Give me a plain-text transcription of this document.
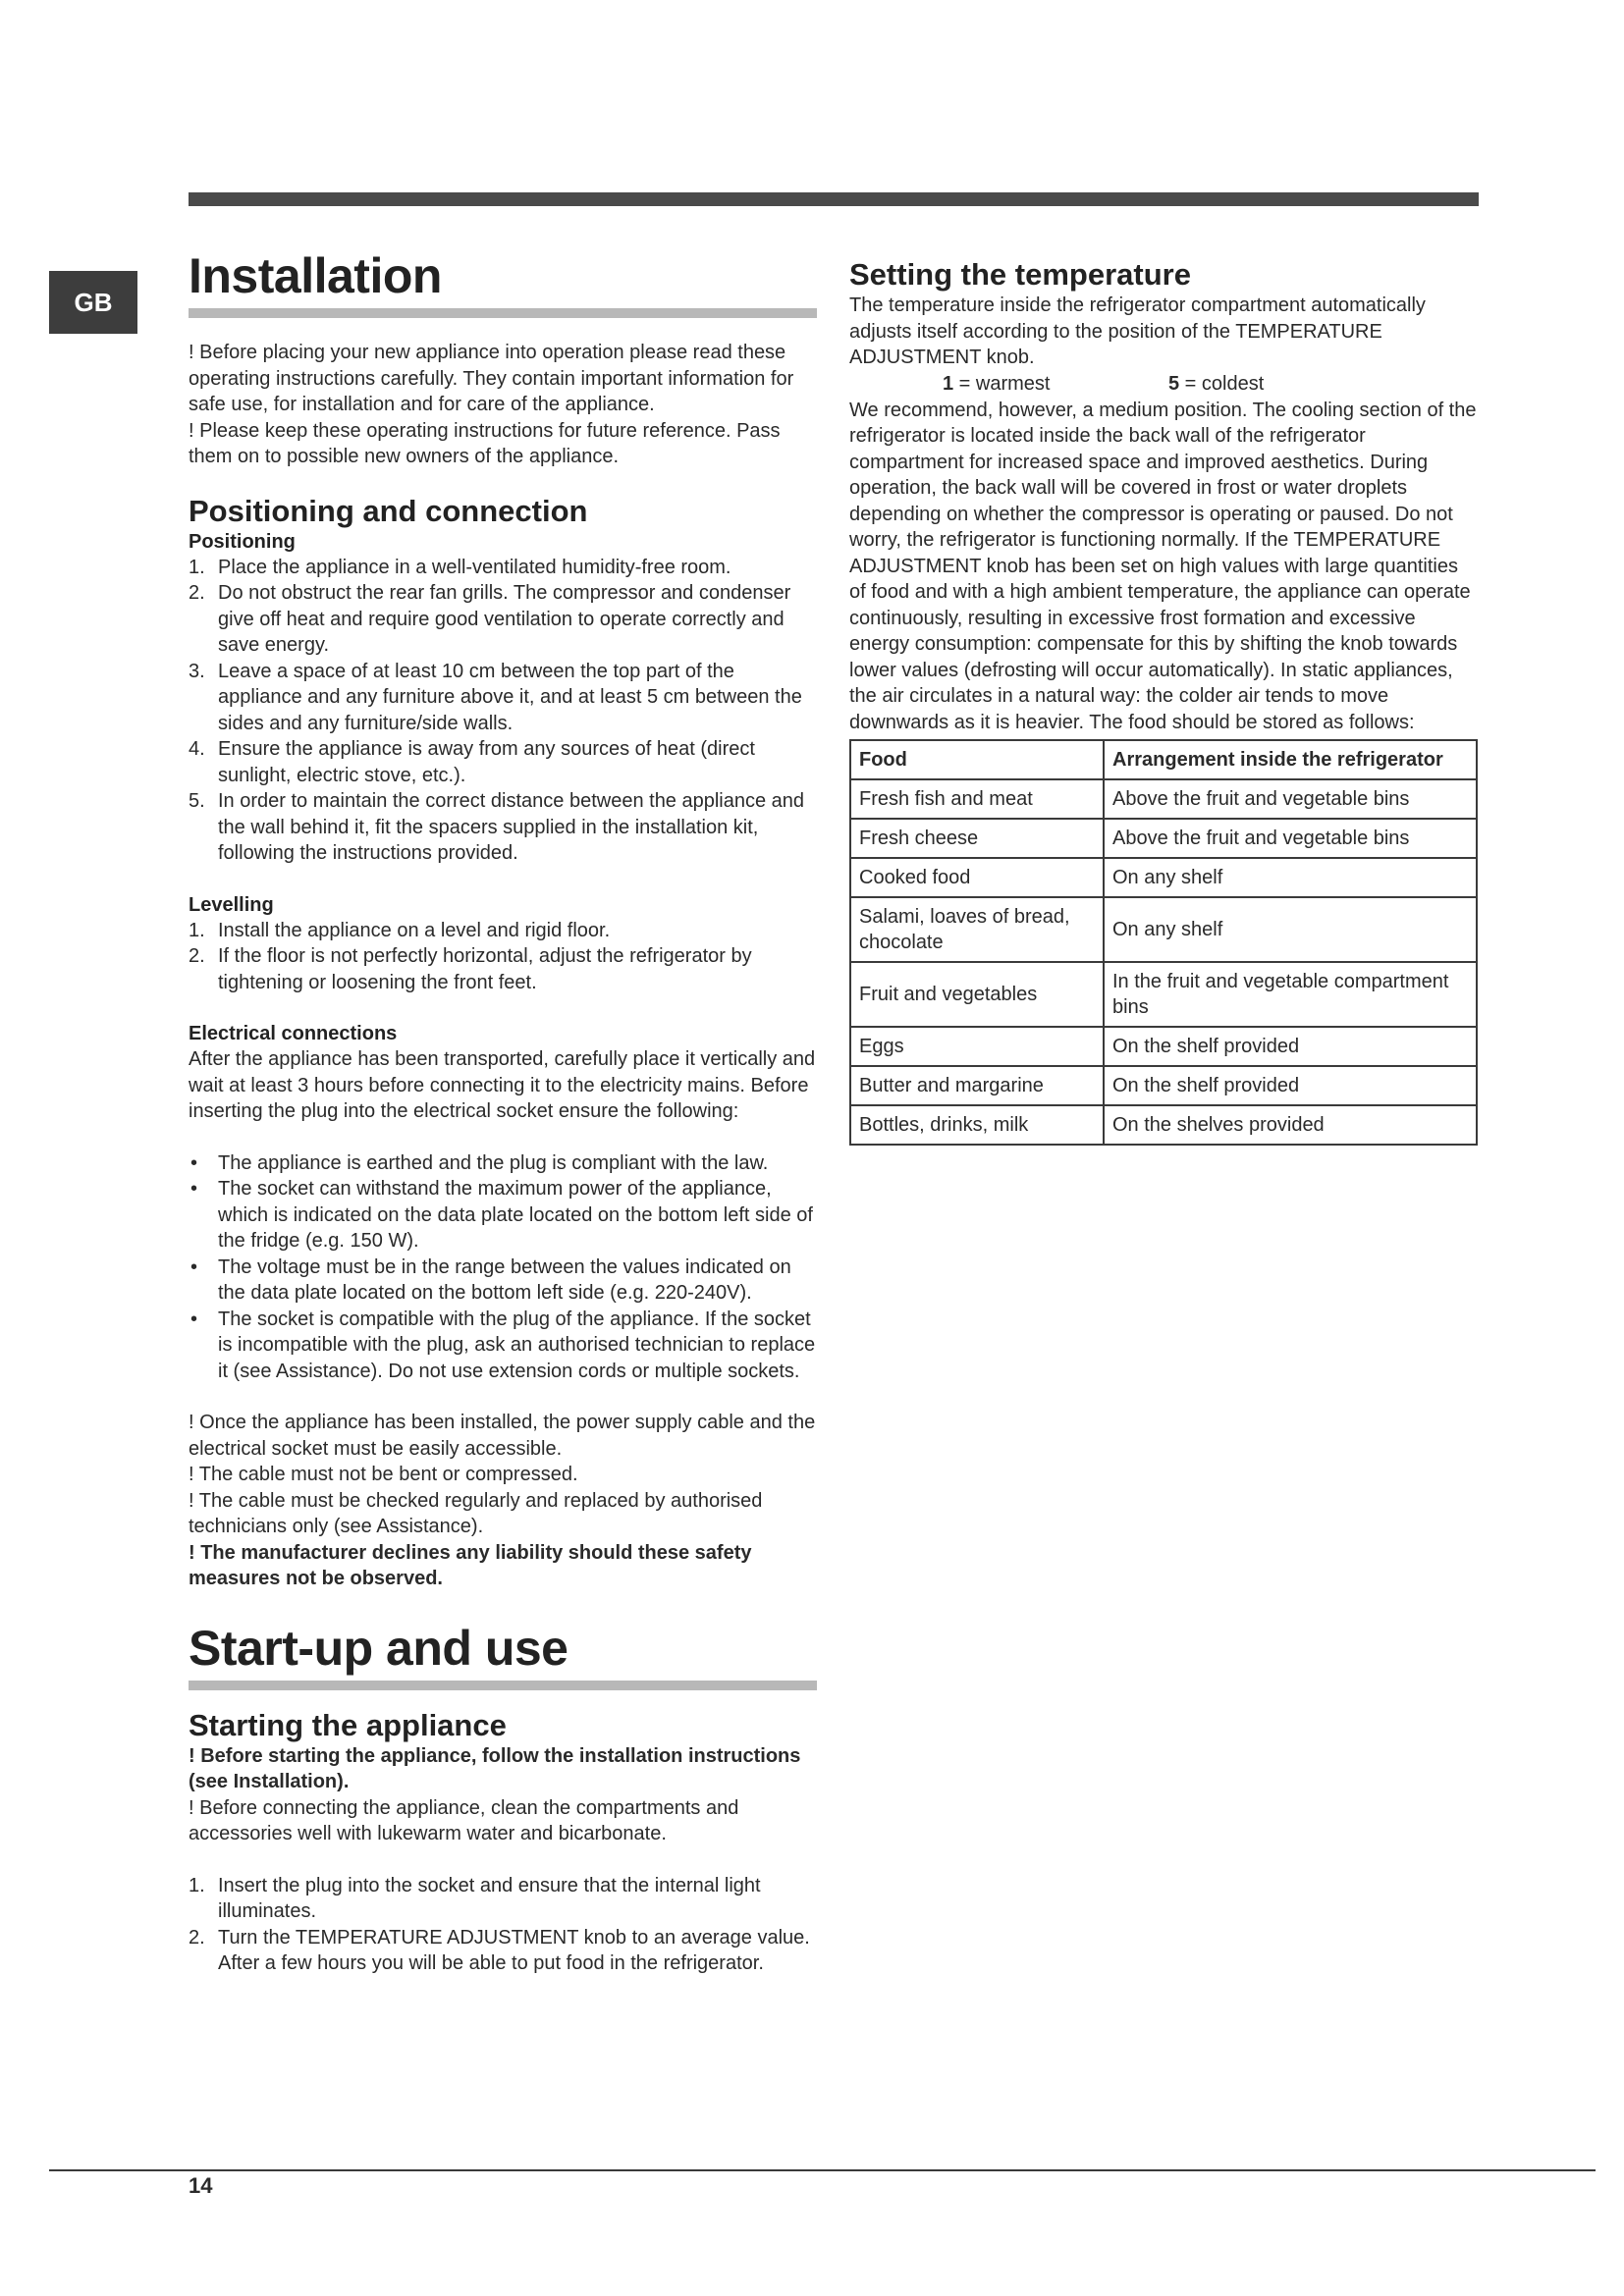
GB Installation

! Before placing your new appliance into operation please read these operating instructions carefully. They contain important information for safe use, for installation and for care of the appliance.

! Please keep these operating instructions for future reference. Pass them on to possible new owners of the appliance.

Positioning and connection
Positioning
1. Place the appliance in a well-ventilated humidity-free room.
2. Do not obstruct the rear fan grills. The compressor and condenser give off heat and require good ventilation to operate correctly and save energy.
3. Leave a space of at least 10 cm between the top part of the appliance and any furniture above it, and at least 5 cm between the sides and any furniture/side walls.
4. Ensure the appliance is away from any sources of heat (direct sunlight, electric stove, etc.).
5. In order to maintain the correct distance between the appliance and the wall behind it, fit the spacers supplied in the installation kit, following the instructions provided.
Levelling
1. Install the appliance on a level and rigid floor.
2. If the floor is not perfectly horizontal, adjust the refrigerator by tightening or loosening the front feet.
Electrical connections

After the appliance has been transported, carefully place it vertically and wait at least 3 hours before connecting it to the electricity mains. Before inserting the plug into the electrical socket ensure the following:

• The appliance is earthed and the plug is compliant with the law.
• The socket can withstand the maximum power of the appliance, which is indicated on the data plate located on the bottom left side of the fridge (e.g. 150 W).
• The voltage must be in the range between the values indicated on the data plate located on the bottom left side (e.g. 220-240V).
• The socket is compatible with the plug of the appliance. If the socket is incompatible with the plug, ask an authorised technician to replace it (see Assistance). Do not use extension cords or multiple sockets.

! Once the appliance has been installed, the power supply cable and the electrical socket must be easily accessible.

! The cable must not be bent or compressed.

! The cable must be checked regularly and replaced by authorised technicians only (see Assistance).

! The manufacturer declines any liability should these safety measures not be observed.

Start-up and use
Starting the appliance

! Before starting the appliance, follow the installation instructions (see Installation).

! Before connecting the appliance, clean the compartments and accessories well with lukewarm water and bicarbonate.

1. Insert the plug into the socket and ensure that the internal light illuminates.
2. Turn the TEMPERATURE ADJUSTMENT knob to an average value. After a few hours you will be able to put food in the refrigerator.
Setting the temperature

The temperature inside the refrigerator compartment automatically adjusts itself according to the position of the TEMPERATURE ADJUSTMENT knob.

1 = warmest	5 = coldest

We recommend, however, a medium position. The cooling section of the refrigerator is located inside the back wall of the refrigerator compartment for increased space and improved aesthetics. During operation, the back wall will be covered in frost or water droplets depending on whether the compressor is operating or paused. Do not worry, the refrigerator is functioning normally. If the TEMPERATURE ADJUSTMENT knob has been set on high values with large quantities of food and with a high ambient temperature, the appliance can operate continuously, resulting in excessive frost formation and excessive energy consumption: compensate for this by shifting the knob towards lower values (defrosting will occur automatically). In static appliances, the air circulates in a natural way: the colder air tends to move downwards as it is heavier. The food should be stored as follows:

Food	Arrangement inside the refrigerator
Fresh fish and meat	Above the fruit and vegetable bins
Fresh cheese	Above the fruit and vegetable bins
Cooked food	On any shelf
Salami, loaves of bread, chocolate	On any shelf
Fruit and vegetables	In the fruit and vegetable compartment bins
Eggs	On the shelf provided
Butter and margarine	On the shelf provided
Bottles, drinks, milk	On the shelves provided
14
